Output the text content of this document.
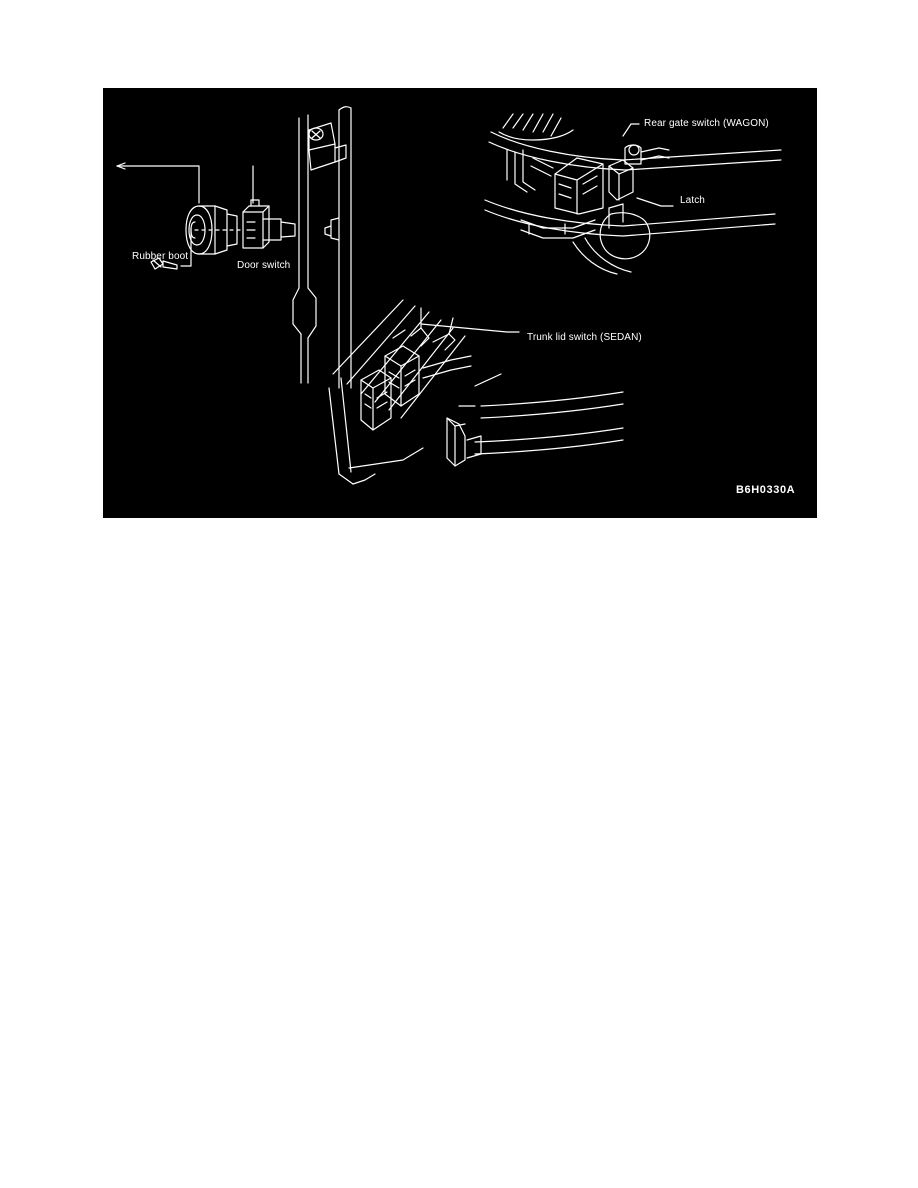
Rubber boot
Door switch
Rear gate switch (WAGON)
Latch
Trunk lid switch (SEDAN)
B6H0330A
